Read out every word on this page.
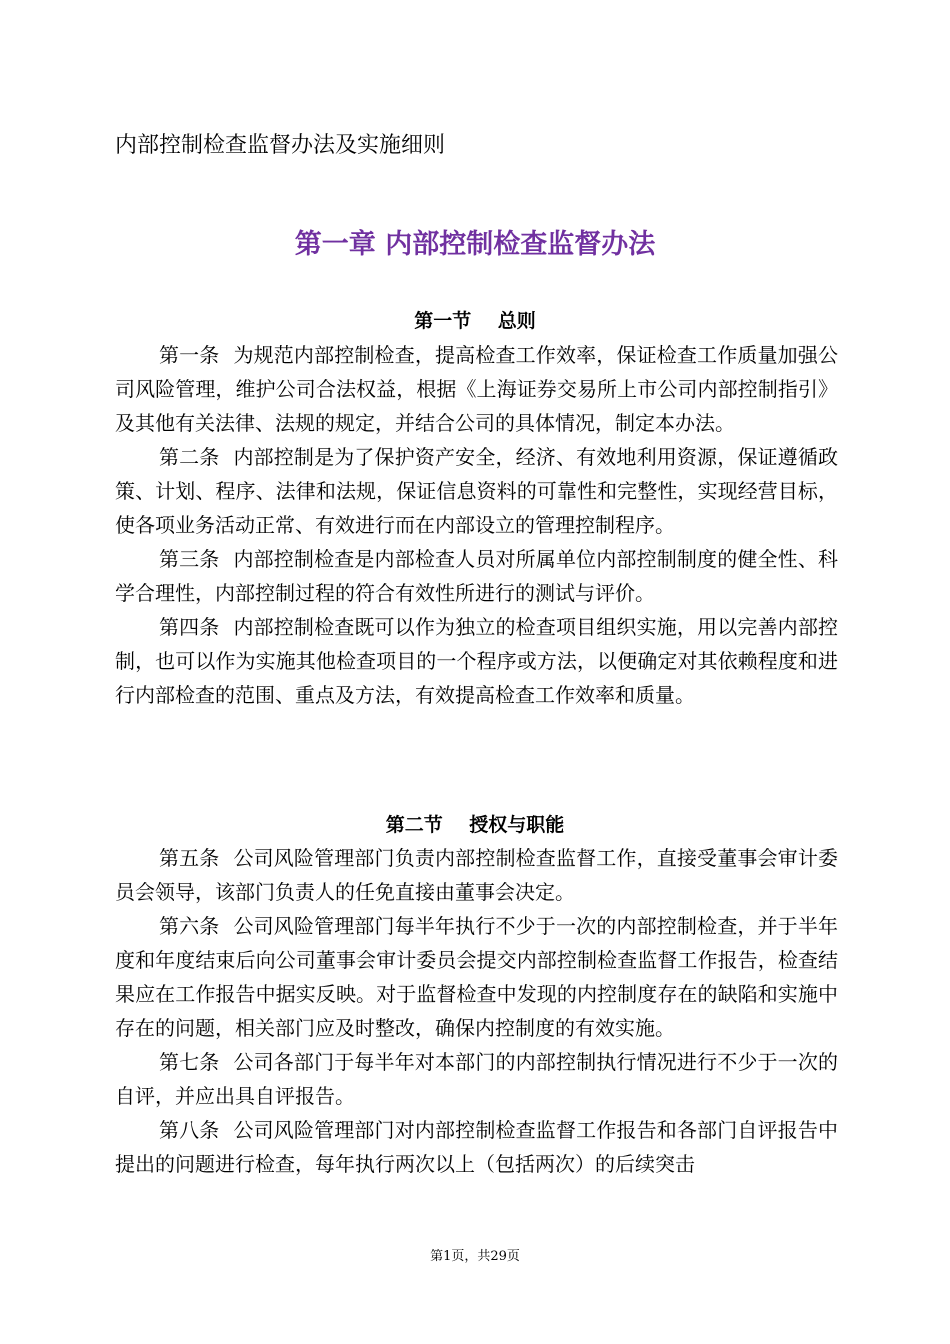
内部控制检查监督办法及实施细则
第一章 内部控制检查监督办法
第一节    总则

第一条 为规范内部控制检查，提高检查工作效率，保证检查工作质量加强公司风险管理，维护公司合法权益，根据《上海证券交易所上市公司内部控制指引》及其他有关法律、法规的规定，并结合公司的具体情况，制定本办法。

第二条 内部控制是为了保护资产安全，经济、有效地利用资源，保证遵循政策、计划、程序、法律和法规，保证信息资料的可靠性和完整性，实现经营目标，使各项业务活动正常、有效进行而在内部设立的管理控制程序。

第三条 内部控制检查是内部检查人员对所属单位内部控制制度的健全性、科学合理性，内部控制过程的符合有效性所进行的测试与评价。

第四条 内部控制检查既可以作为独立的检查项目组织实施，用以完善内部控制，也可以作为实施其他检查项目的一个程序或方法，以便确定对其依赖程度和进行内部检查的范围、重点及方法，有效提高检查工作效率和质量。

第二节    授权与职能

第五条 公司风险管理部门负责内部控制检查监督工作，直接受董事会审计委员会领导，该部门负责人的任免直接由董事会决定。

第六条 公司风险管理部门每半年执行不少于一次的内部控制检查，并于半年度和年度结束后向公司董事会审计委员会提交内部控制检查监督工作报告，检查结果应在工作报告中据实反映。对于监督检查中发现的内控制度存在的缺陷和实施中存在的问题，相关部门应及时整改，确保内控制度的有效实施。

第七条 公司各部门于每半年对本部门的内部控制执行情况进行不少于一次的自评，并应出具自评报告。

第八条 公司风险管理部门对内部控制检查监督工作报告和各部门自评报告中提出的问题进行检查，每年执行两次以上（包括两次）的后续突击

第1页，共29页
